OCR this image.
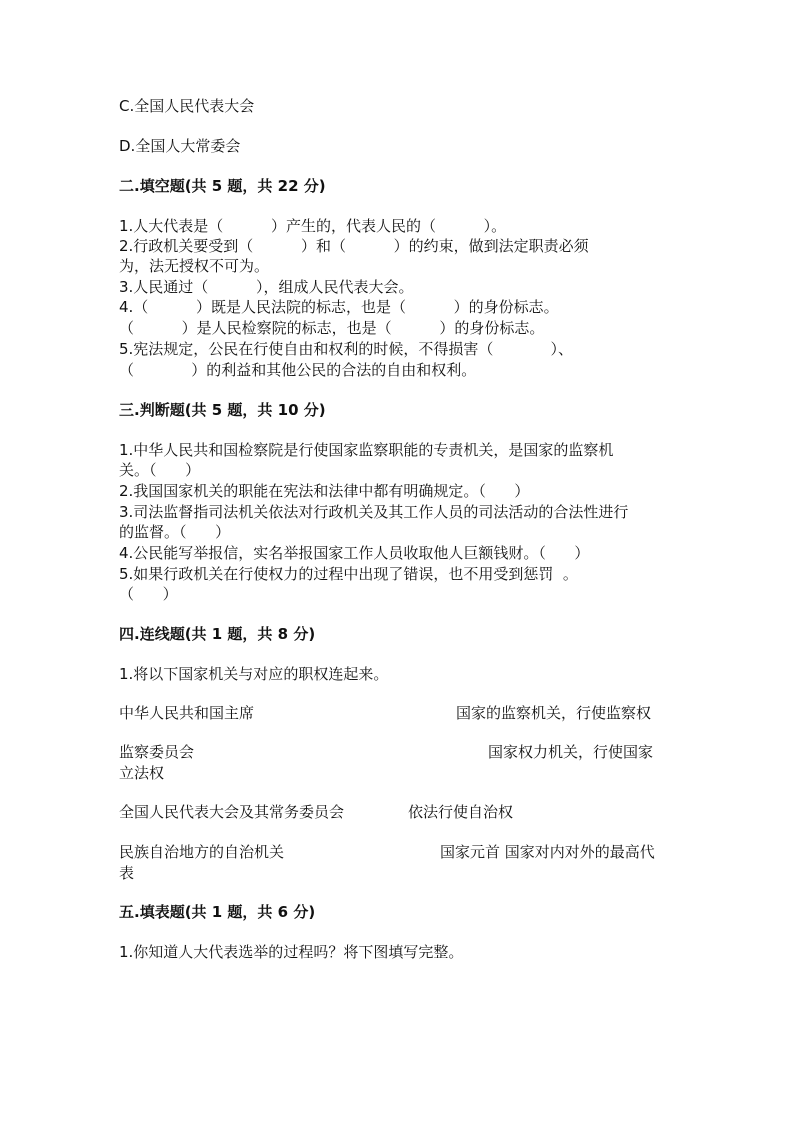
C.全国人民代表大会
D.全国人大常委会
二.填空题(共 5 题，共 22 分)
1.人大代表是（          ）产生的，代表人民的（          ）。
2.行政机关要受到（          ）和（          ）的约束，做到法定职责必须
为，法无授权不可为。
3.人民通过（          ），组成人民代表大会。
4.（          ）既是人民法院的标志，也是（          ）的身份标志。
（          ）是人民检察院的标志，也是（          ）的身份标志。
5.宪法规定，公民在行使自由和权利的时候，不得损害（            ）、
（            ）的利益和其他公民的合法的自由和权利。
三.判断题(共 5 题，共 10 分)
1.中华人民共和国检察院是行使国家监察职能的专责机关，是国家的监察机
关。（      ）
2.我国国家机关的职能在宪法和法律中都有明确规定。（      ）
3.司法监督指司法机关依法对行政机关及其工作人员的司法活动的合法性进行
的监督。（      ）
4.公民能写举报信，实名举报国家工作人员收取他人巨额钱财。（      ）
5.如果行政机关在行使权力的过程中出现了错误，也不用受到惩罚  。
（      ）
四.连线题(共 1 题，共 8 分)
1.将以下国家机关与对应的职权连起来。
中华人民共和国主席	国家的监察机关，行使监察权
监察委员会	国家权力机关，行使国家
立法权
全国人民代表大会及其常务委员会	依法行使自治权
民族自治地方的自治机关	国家元首 国家对内对外的最高代
表
五.填表题(共 1 题，共 6 分)
1.你知道人大代表选举的过程吗？将下图填写完整。
